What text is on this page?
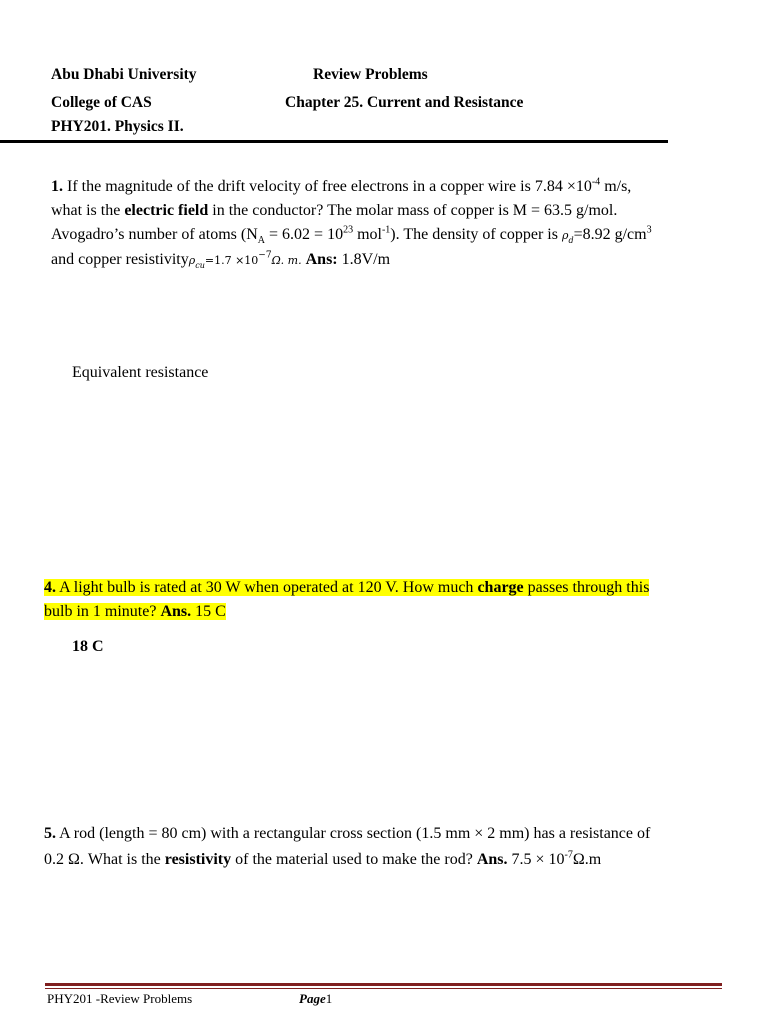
Abu Dhabi University
College of CAS
PHY201. Physics II.
Review Problems
Chapter 25. Current and Resistance
1. If the magnitude of the drift velocity of free electrons in a copper wire is $7.84 \times 10^{-4}$ m/s,
what is the electric field in the conductor? The molar mass of copper is M = 63.5 g/mol.
Avogadro’s number of atoms ($N_A = 6.02 = 10^{23}$ mol$^{-1}$). The density of copper is $\rho_d=8.92$ $g/cm^3$
and copper resistivityρ$_{cu}$=1.7 $\times 10^{-7}\Omega$. m. Ans: 1.8V/m
Equivalent resistance
4. A light bulb is rated at 30 W when operated at 120 V. How much charge passes through this
bulb in 1 minute? Ans. 15 C
18 C
5. A rod (length = 80 cm) with a rectangular cross section (1.5 mm × 2 mm) has a resistance of
0.2 Ω. What is the resistivity of the material used to make the rod? Ans. $7.5 \times 10^{-7}\Omega.m$
PHY201 -Review Problems	Page1
